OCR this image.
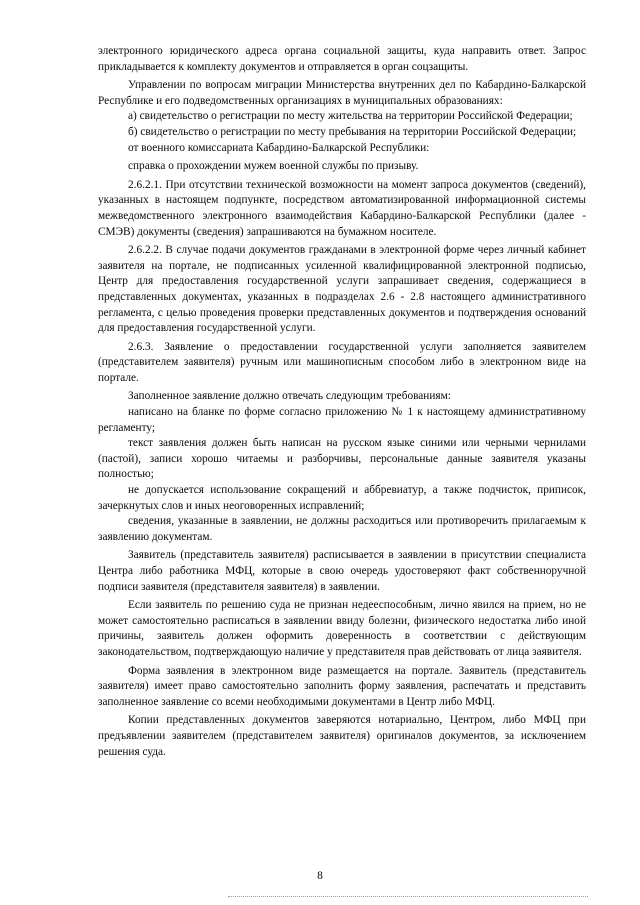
электронного юридического адреса органа социальной защиты, куда направить ответ. Запрос прикладывается к комплекту документов и отправляется в орган соцзащиты.

Управлении по вопросам миграции Министерства внутренних дел по Кабардино-Балкарской Республике и его подведомственных организациях в муниципальных образованиях:

а) свидетельство о регистрации по месту жительства на территории Российской Федерации;

б) свидетельство о регистрации по месту пребывания на территории Российской Федерации;

от военного комиссариата Кабардино-Балкарской Республики:

справка о прохождении мужем военной службы по призыву.

2.6.2.1. При отсутствии технической возможности на момент запроса документов (сведений), указанных в настоящем подпункте, посредством автоматизированной информационной системы межведомственного электронного взаимодействия Кабардино-Балкарской Республики (далее - СМЭВ) документы (сведения) запрашиваются на бумажном носителе.

2.6.2.2. В случае подачи документов гражданами в электронной форме через личный кабинет заявителя на портале, не подписанных усиленной квалифицированной электронной подписью, Центр для предоставления государственной услуги запрашивает сведения, содержащиеся в представленных документах, указанных в подразделах 2.6 - 2.8 настоящего административного регламента, с целью проведения проверки представленных документов и подтверждения оснований для предоставления государственной услуги.

2.6.3. Заявление о предоставлении государственной услуги заполняется заявителем (представителем заявителя) ручным или машинописным способом либо в электронном виде на портале.

Заполненное заявление должно отвечать следующим требованиям:

написано на бланке по форме согласно приложению № 1 к настоящему административному регламенту;

текст заявления должен быть написан на русском языке синими или черными чернилами (пастой), записи хорошо читаемы и разборчивы, персональные данные заявителя указаны полностью;

не допускается использование сокращений и аббревиатур, а также подчисток, приписок, зачеркнутых слов и иных неоговоренных исправлений;

сведения, указанные в заявлении, не должны расходиться или противоречить прилагаемым к заявлению документам.

Заявитель (представитель заявителя) расписывается в заявлении в присутствии специалиста Центра либо работника МФЦ, которые в свою очередь удостоверяют факт собственноручной подписи заявителя (представителя заявителя) в заявлении.

Если заявитель по решению суда не признан недееспособным, лично явился на прием, но не может самостоятельно расписаться в заявлении ввиду болезни, физического недостатка либо иной причины, заявитель должен оформить доверенность в соответствии с действующим законодательством, подтверждающую наличие у представителя прав действовать от лица заявителя.

Форма заявления в электронном виде размещается на портале. Заявитель (представитель заявителя) имеет право самостоятельно заполнить форму заявления, распечатать и представить заполненное заявление со всеми необходимыми документами в Центр либо МФЦ.

Копии представленных документов заверяются нотариально, Центром, либо МФЦ при предъявлении заявителем (представителем заявителя) оригиналов документов, за исключением решения суда.

8
